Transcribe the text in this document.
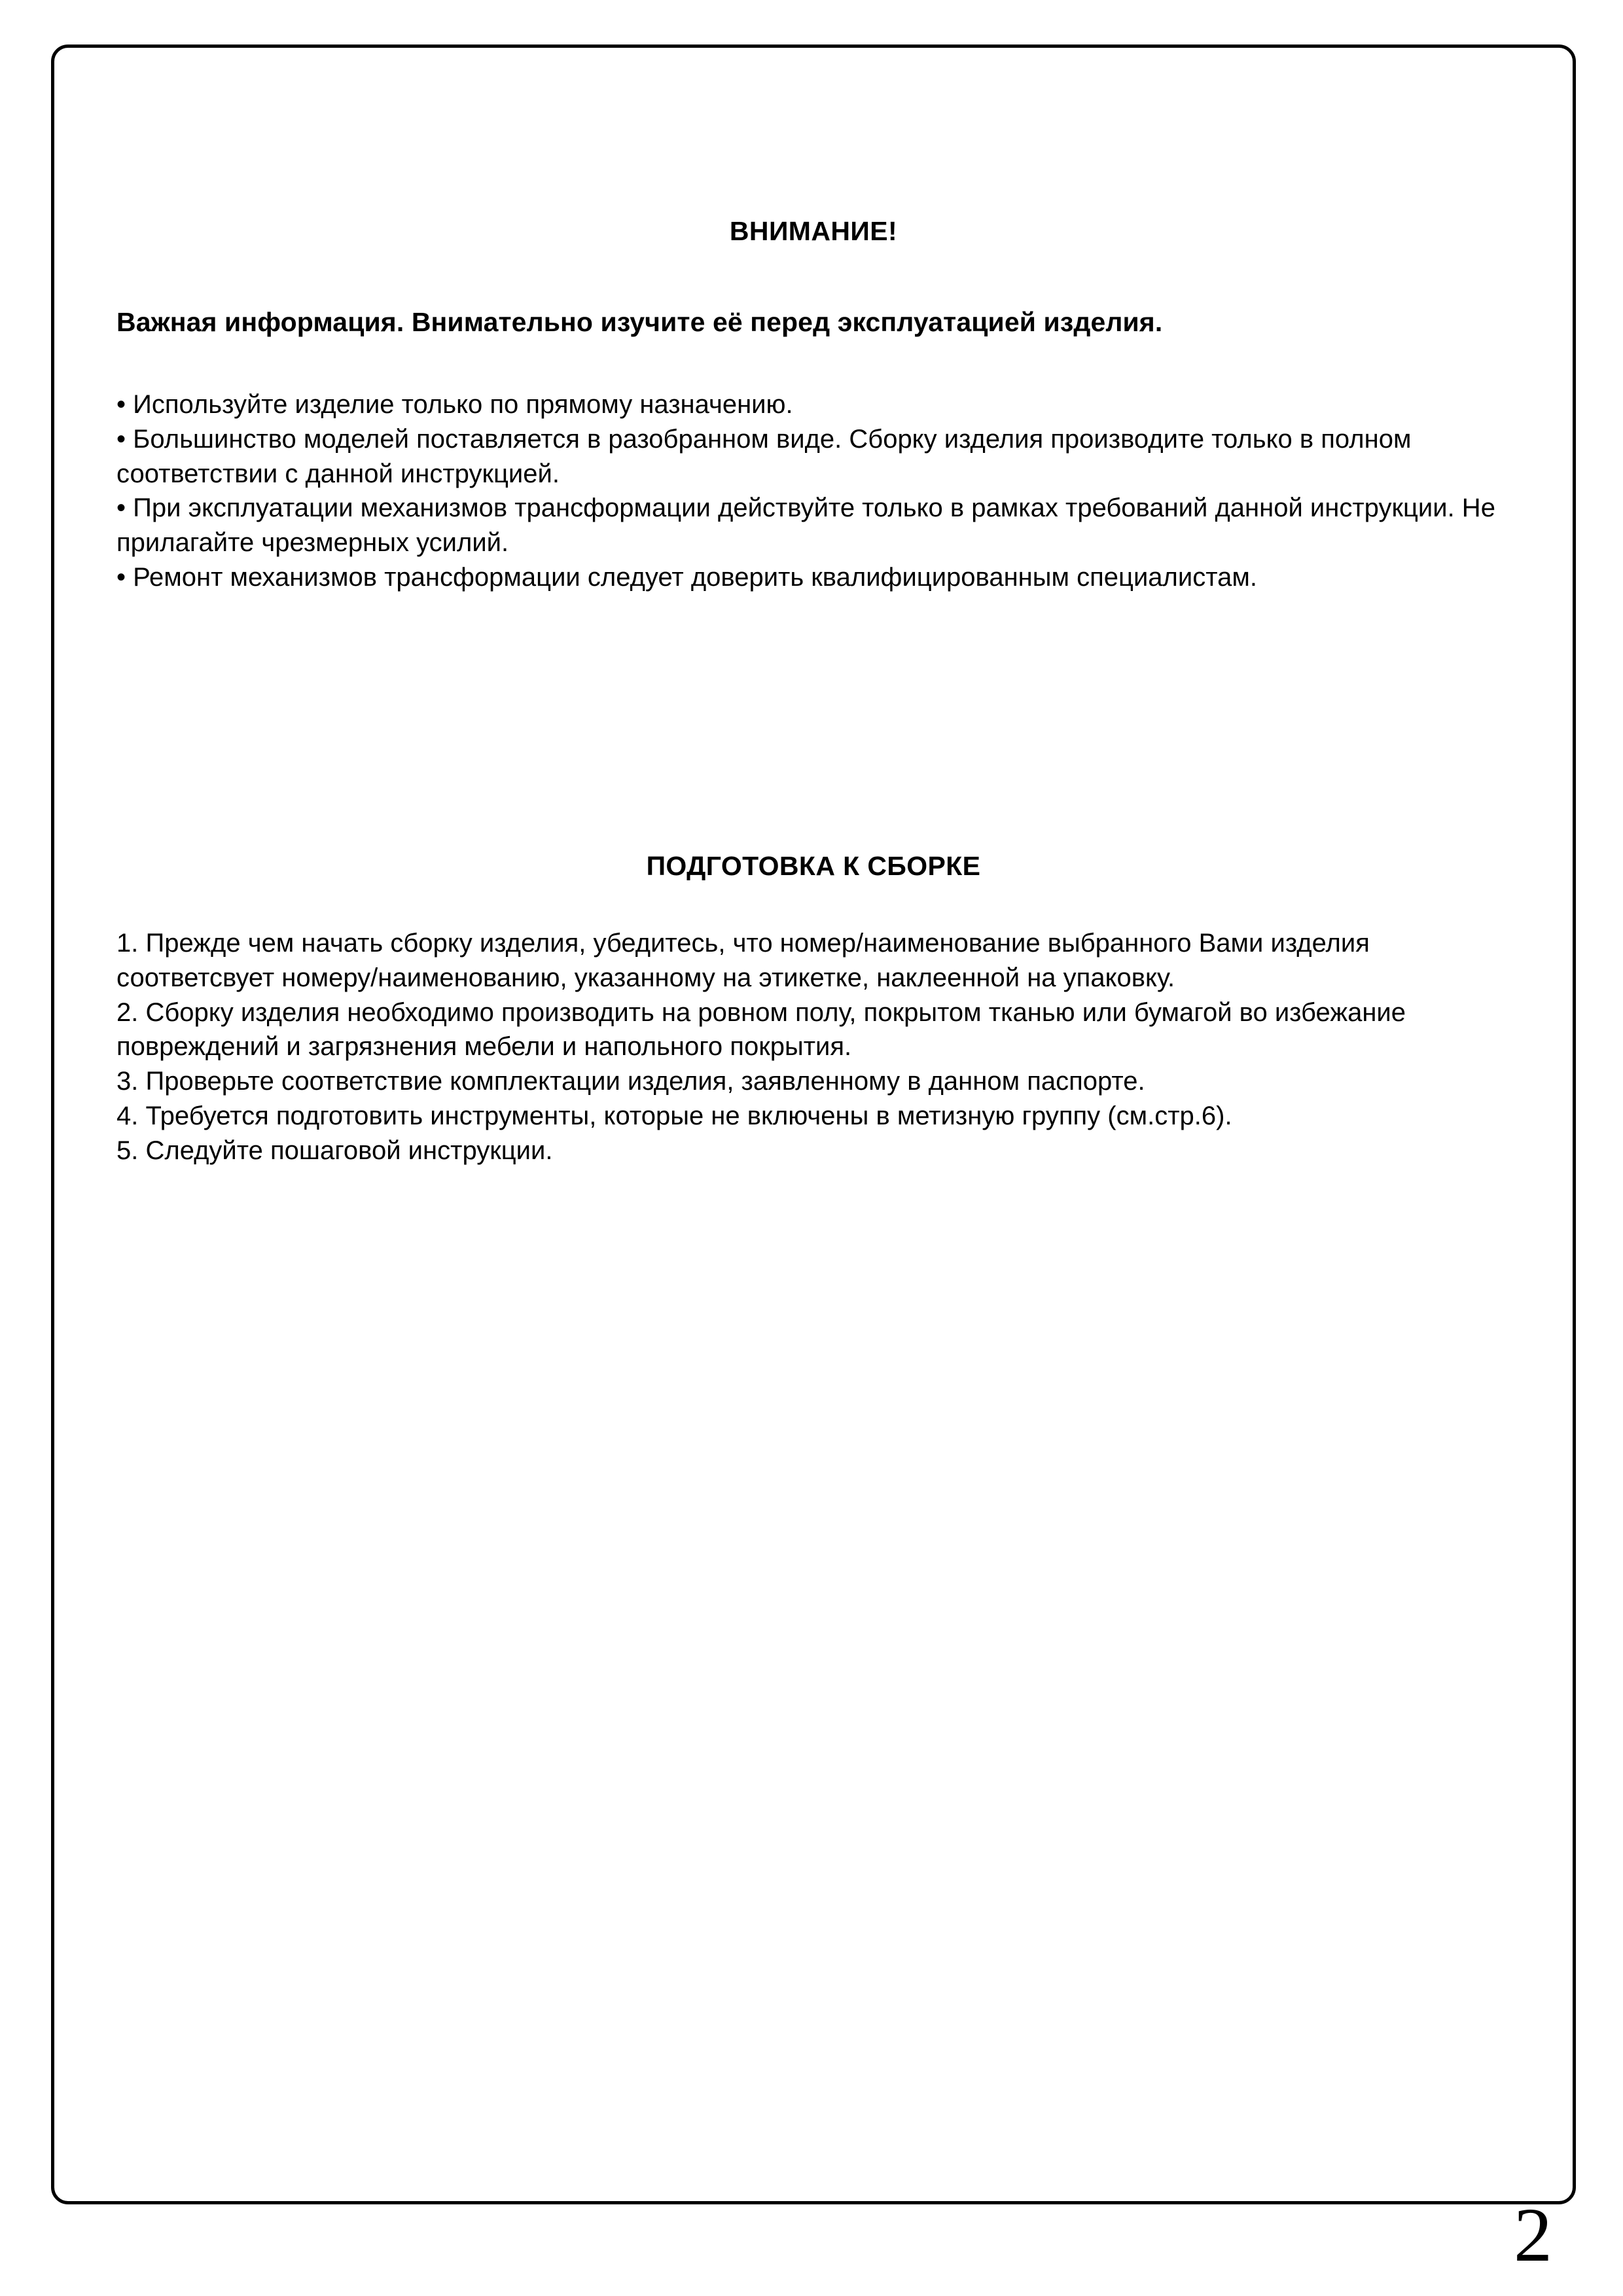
ВНИМАНИЕ!

Важная информация. Внимательно изучите её перед эксплуатацией изделия.

• Используйте изделие только по прямому назначению.

• Большинство моделей поставляется в разобранном виде. Сборку изделия производите только в полном соответствии с данной инструкцией.

• При эксплуатации механизмов трансформации действуйте только в рамках требований данной инструкции. Не прилагайте чрезмерных усилий.

• Ремонт механизмов трансформации следует доверить квалифицированным специалистам.

ПОДГОТОВКА К СБОРКЕ

1. Прежде чем начать сборку изделия, убедитесь, что номер/наименование выбранного Вами изделия соответсвует номеру/наименованию, указанному на этикетке, наклеенной на упаковку.

2. Сборку изделия необходимо производить на ровном полу, покрытом тканью или бумагой во избежание повреждений и загрязнения мебели и напольного покрытия.

3. Проверьте соответствие комплектации изделия, заявленному в данном паспорте.

4. Требуется подготовить инструменты, которые не включены в метизную группу (см.стр.6).

5. Следуйте пошаговой инструкции.

2
